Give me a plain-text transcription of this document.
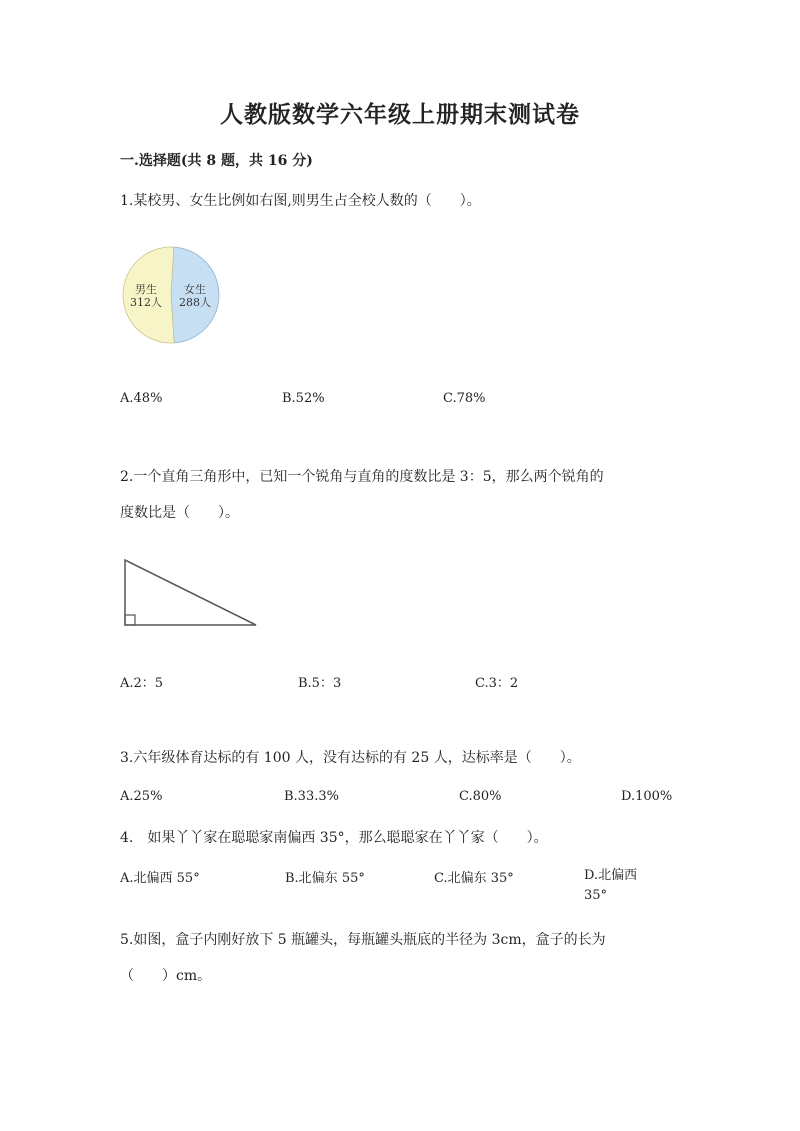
人教版数学六年级上册期末测试卷
一.选择题(共 8 题，共 16 分)
1.某校男、女生比例如右图,则男生占全校人数的（　　）。
男生
312人
女生
288人
A.48%	B.52%	C.78%
2.一个直角三角形中，已知一个锐角与直角的度数比是 3：5，那么两个锐角的
度数比是（　　）。
A.2：5	B.5：3	C.3：2
3.六年级体育达标的有 100 人，没有达标的有 25 人，达标率是（　　）。
A.25%	B.33.3%	C.80%	D.100%
4.　如果丫丫家在聪聪家南偏西 35°，那么聪聪家在丫丫家（　　）。
A.北偏西 55°	B.北偏东 55°	C.北偏东 35°	D.北偏西 35°
5.如图，盒子内刚好放下 5 瓶罐头，每瓶罐头瓶底的半径为 3cm，盒子的长为
（　　）cm。
